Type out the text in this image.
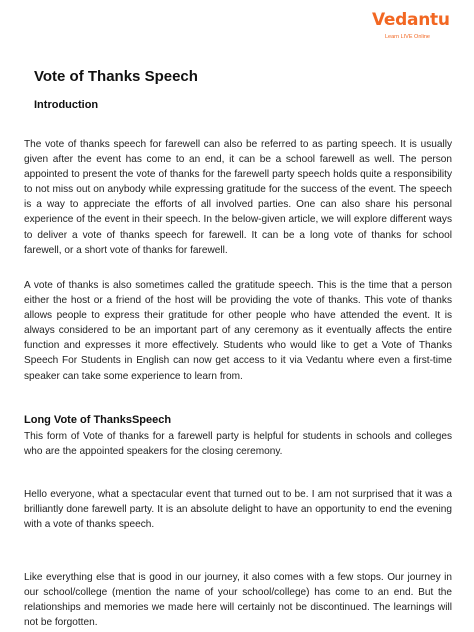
Vedantu
Learn LIVE Online
Vote of Thanks Speech
Introduction

The vote of thanks speech for farewell can also be referred to as parting speech. It is usually given after the event has come to an end, it can be a school farewell as well. The person appointed to present the vote of thanks for the farewell party speech holds quite a responsibility to not miss out on anybody while expressing gratitude for the success of the event. The speech is a way to appreciate the efforts of all involved parties. One can also share his personal experience of the event in their speech. In the below-given article, we will explore different ways to deliver a vote of thanks speech for farewell. It can be a long vote of thanks for school farewell, or a short vote of thanks for farewell.

A vote of thanks is also sometimes called the gratitude speech. This is the time that a person either the host or a friend of the host will be providing the vote of thanks. This vote of thanks allows people to express their gratitude for other people who have attended the event. It is always considered to be an important part of any ceremony as it eventually affects the entire function and expresses it more effectively. Students who would like to get a Vote of Thanks Speech For Students in English can now get access to it via Vedantu where even a first-time speaker can take some experience to learn from.

Long Vote of ThanksSpeech

This form of Vote of thanks for a farewell party is helpful for students in schools and colleges who are the appointed speakers for the closing ceremony.

Hello everyone, what a spectacular event that turned out to be. I am not surprised that it was a brilliantly done farewell party. It is an absolute delight to have an opportunity to end the evening with a vote of thanks speech.

Like everything else that is good in our journey, it also comes with a few stops. Our journey in our school/college (mention the name of your school/college) has come to an end. But the relationships and memories we made here will certainly not be discontinued. The learnings will not be forgotten.
